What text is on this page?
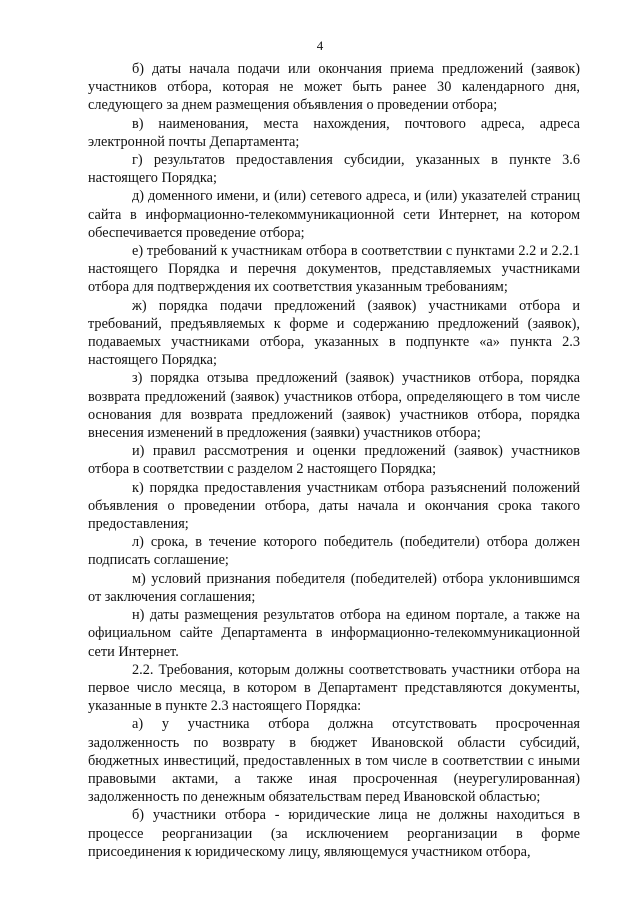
4

б) даты начала подачи или окончания приема предложений (заявок) участников отбора, которая не может быть ранее 30 календарного дня, следующего за днем размещения объявления о проведении отбора;

в) наименования, места нахождения, почтового адреса, адреса электронной почты Департамента;

г) результатов предоставления субсидии, указанных в пункте 3.6 настоящего Порядка;

д) доменного имени, и (или) сетевого адреса, и (или) указателей страниц сайта в информационно-телекоммуникационной сети Интернет, на котором обеспечивается проведение отбора;

е) требований к участникам отбора в соответствии с пунктами 2.2 и 2.2.1 настоящего Порядка и перечня документов, представляемых участниками отбора для подтверждения их соответствия указанным требованиям;

ж) порядка подачи предложений (заявок) участниками отбора и требований, предъявляемых к форме и содержанию предложений (заявок), подаваемых участниками отбора, указанных в подпункте «а» пункта 2.3 настоящего Порядка;

з) порядка отзыва предложений (заявок) участников отбора, порядка возврата предложений (заявок) участников отбора, определяющего в том числе основания для возврата предложений (заявок) участников отбора, порядка внесения изменений в предложения (заявки) участников отбора;

и) правил рассмотрения и оценки предложений (заявок) участников отбора в соответствии с разделом 2 настоящего Порядка;

к) порядка предоставления участникам отбора разъяснений положений объявления о проведении отбора, даты начала и окончания срока такого предоставления;

л) срока, в течение которого победитель (победители) отбора должен подписать соглашение;

м) условий признания победителя (победителей) отбора уклонившимся от заключения соглашения;

н) даты размещения результатов отбора на едином портале, а также на официальном сайте Департамента в информационно-телекоммуникационной сети Интернет.

2.2. Требования, которым должны соответствовать участники отбора на первое число месяца, в котором в Департамент представляются документы, указанные в пункте 2.3 настоящего Порядка:

а) у участника отбора должна отсутствовать просроченная задолженность по возврату в бюджет Ивановской области субсидий, бюджетных инвестиций, предоставленных в том числе в соответствии с иными правовыми актами, а также иная просроченная (неурегулированная) задолженность по денежным обязательствам перед Ивановской областью;

б) участники отбора - юридические лица не должны находиться в процессе реорганизации (за исключением реорганизации в форме присоединения к юридическому лицу, являющемуся участником отбора,
